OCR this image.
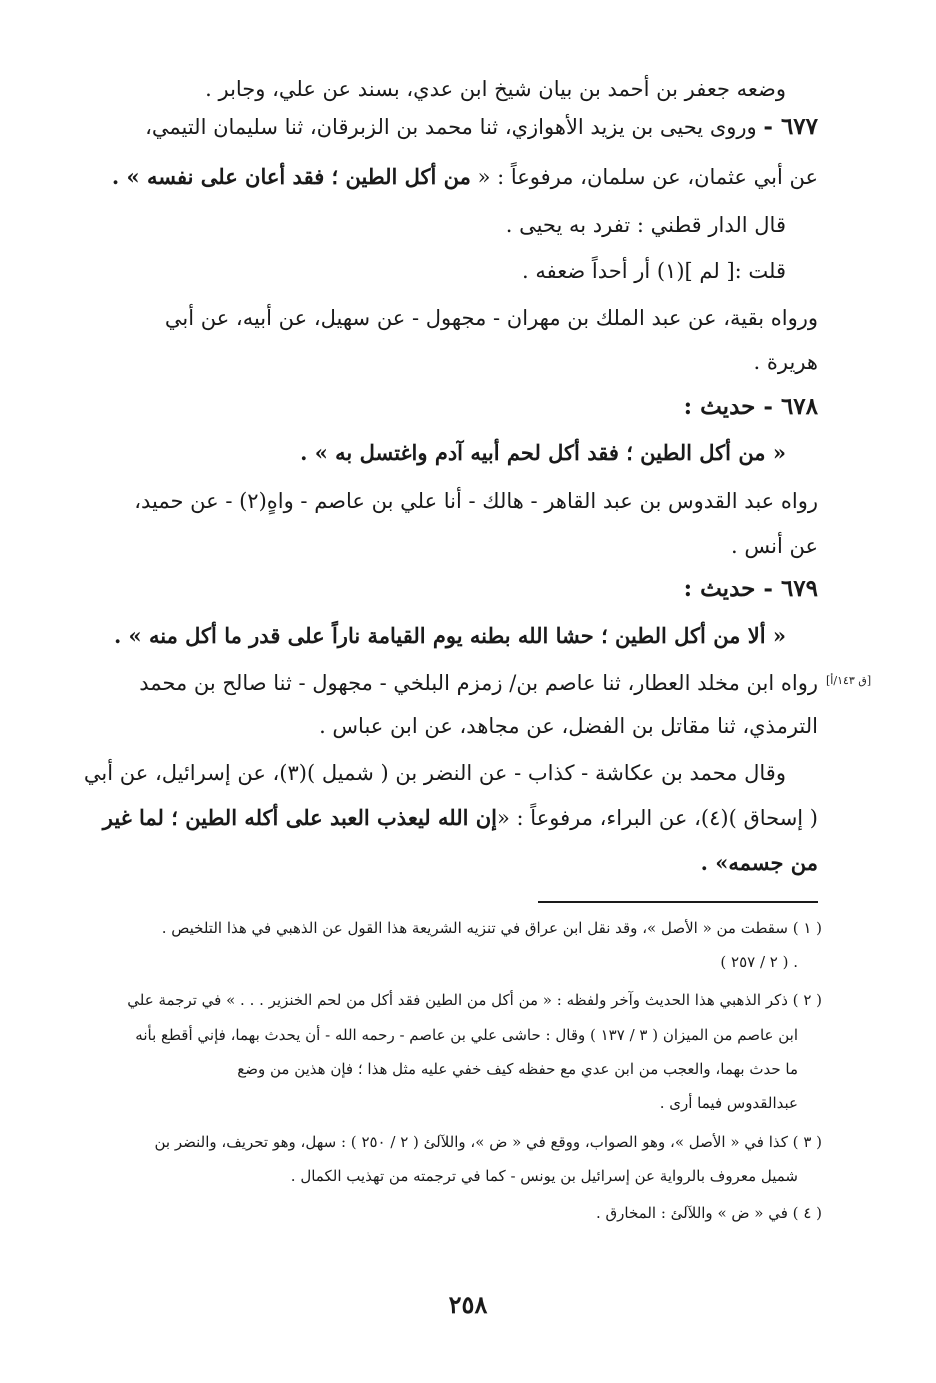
وضعه جعفر بن أحمد بن بيان شيخ ابن عدي، بسند عن علي، وجابر .
٦٧٧ - وروى يحيى بن يزيد الأهوازي، ثنا محمد بن الزبرقان، ثنا سليمان التيمي،
عن أبي عثمان، عن سلمان، مرفوعاً : « من أكل الطين ؛ فقد أعان على نفسه » .
قال الدار قطني : تفرد به يحيى .
قلت :[ لم ](١) أر أحداً ضعفه .
ورواه بقية، عن عبد الملك بن مهران - مجهول - عن سهيل، عن أبيه، عن أبي
هريرة .
٦٧٨ - حديث :
« من أكل الطين ؛ فقد أكل لحم أبيه آدم واغتسل به » .
رواه عبد القدوس بن عبد القاهر - هالك - أنا علي بن عاصم - واهٍ(٢) - عن حميد،
عن أنس .
٦٧٩ - حديث :
« ألا من أكل الطين ؛ حشا الله بطنه يوم القيامة ناراً على قدر ما أكل منه » .
[ق ١٤٣/أ]
رواه ابن مخلد العطار، ثنا عاصم بن/ زمزم البلخي - مجهول - ثنا صالح بن محمد
الترمذي، ثنا مقاتل بن الفضل، عن مجاهد، عن ابن عباس .
وقال محمد بن عكاشة - كذاب - عن النضر بن ( شميل )(٣)، عن إسرائيل، عن أبي
( إسحاق )(٤)، عن البراء، مرفوعاً : «إن الله ليعذب العبد على أكله الطين ؛ لما غير
من جسمه» .
( ١ ) سقطت من « الأصل »، وقد نقل ابن عراق في تنزيه الشريعة هذا القول عن الذهبي في هذا التلخيص .
( ٢ / ٢٥٧ ) .
( ٢ ) ذكر الذهبي هذا الحديث وآخر ولفظه : « من أكل من الطين فقد أكل من لحم الخنزير . . . » في ترجمة علي
ابن عاصم من الميزان ( ٣ / ١٣٧ ) وقال : حاشى علي بن عاصم - رحمه الله - أن يحدث بهما، فإني أقطع بأنه
ما حدث بهما، والعجب من ابن عدي مع حفظه كيف خفي عليه مثل هذا ؛ فإن هذين من وضع
عبدالقدوس فيما أرى .
( ٣ ) كذا في « الأصل »، وهو الصواب، ووقع في « ض »، واللآلئ ( ٢ / ٢٥٠ ) : سهل، وهو تحريف، والنضر بن
شميل معروف بالرواية عن إسرائيل بن يونس - كما في ترجمته من تهذيب الكمال .
( ٤ ) في « ض » واللآلئ : المخارق .
٢٥٨
